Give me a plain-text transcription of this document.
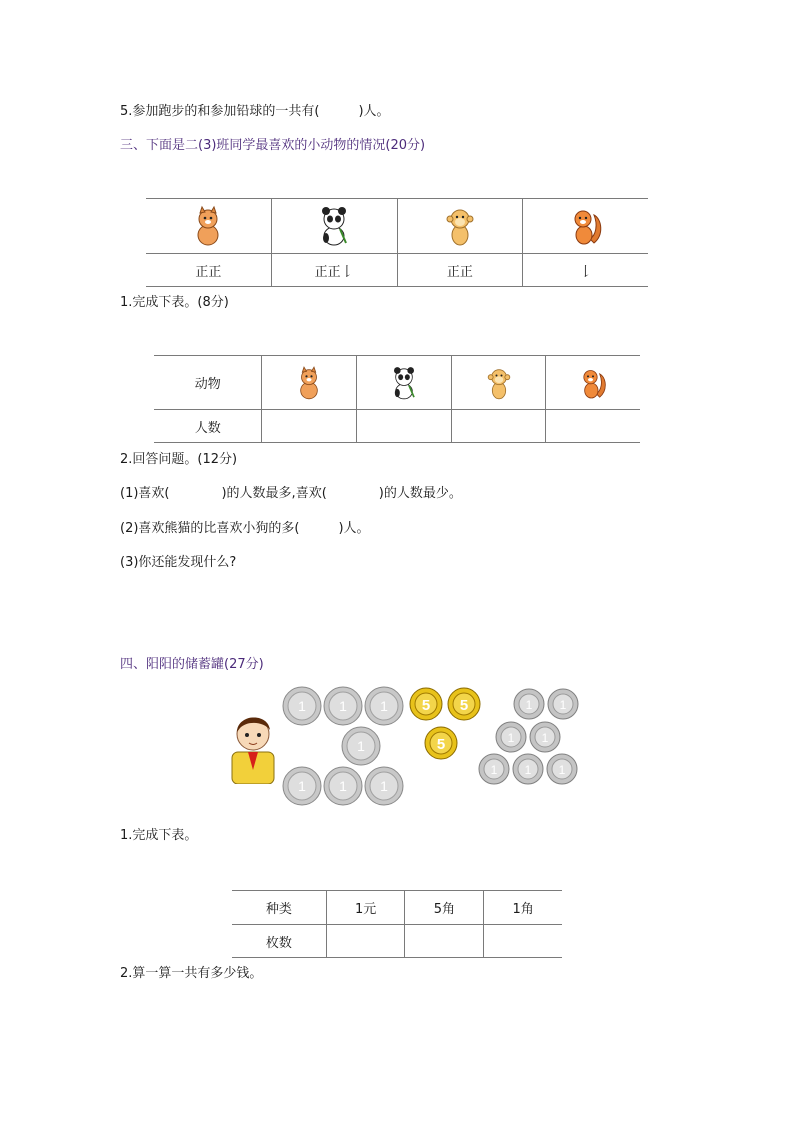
5.参加跑步的和参加铅球的一共有(　　　)人。
三、下面是二(3)班同学最喜欢的小动物的情况(20分)

正正	正正𠄌	正正	𠄌
1.完成下表。(8分)
动物	

人数				
2.回答问题。(12分)
(1)喜欢(　　　　)的人数最多,喜欢(　　　　)的人数最少。
(2)喜欢熊猫的比喜欢小狗的多(　　　)人。
(3)你还能发现什么?
四、阳阳的储蓄罐(27分)
1 1 1
1
1 1 1
5 5
5
1 1
1 1
1 1 1
1.完成下表。
种类	1元	5角	1角
枚数			
2.算一算一共有多少钱。
